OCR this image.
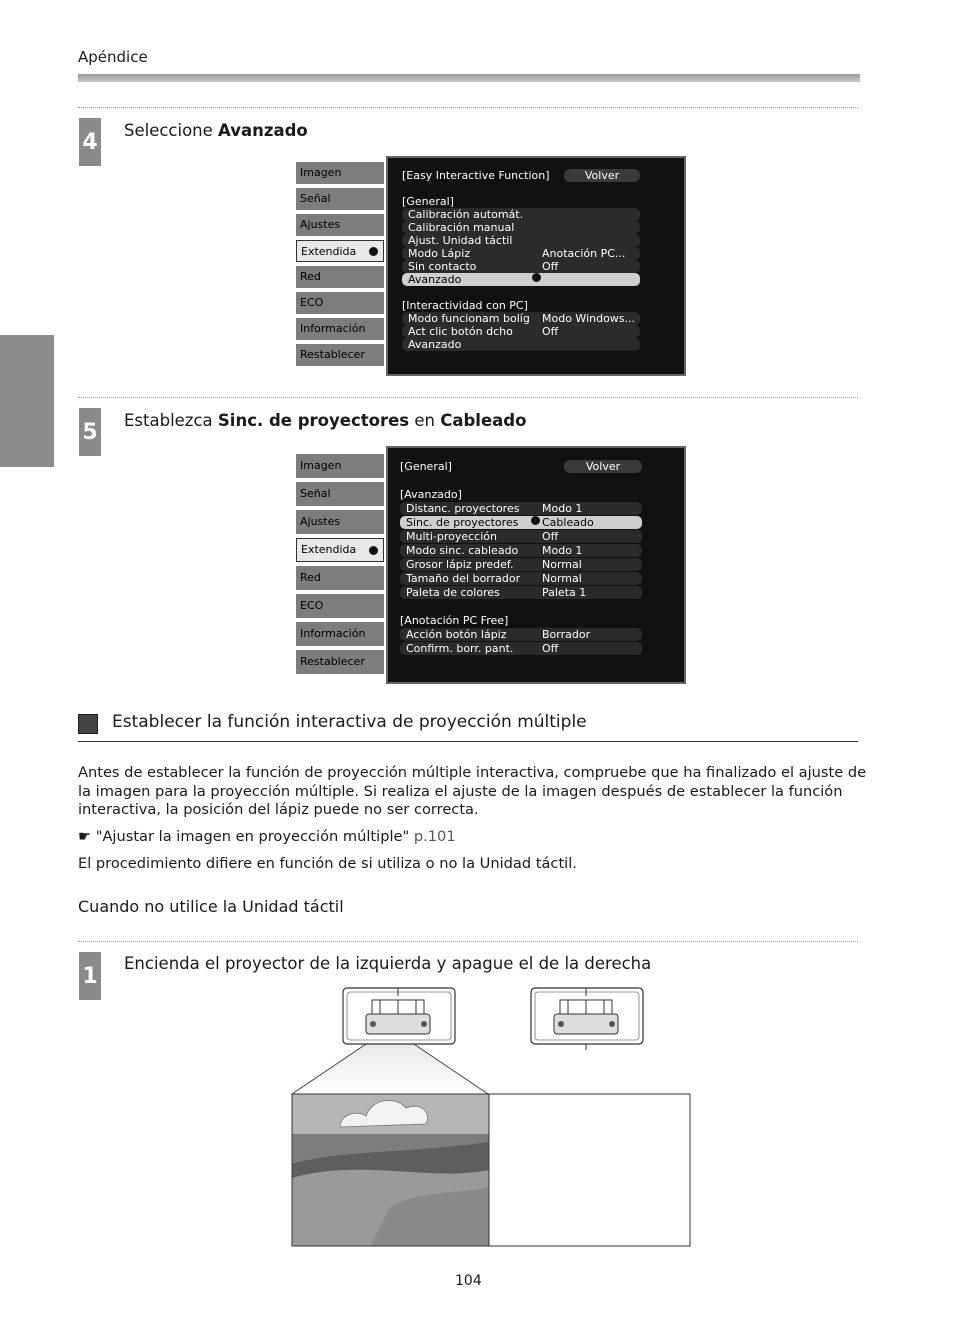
Apéndice
4 Seleccione Avanzado
Imagen
Señal
Ajustes
Extendida
Red
ECO
Información
Restablecer
[Easy Interactive Function]	Volver
[General]
Calibración automát.
Calibración manual
Ajust. Unidad táctil
Modo Lápiz	Anotación PC...
Sin contacto	Off
Avanzado
[Interactividad con PC]
Modo funcionam bolíg Modo Windows...
Act clic botón dcho	Off
Avanzado
5 Establezca Sinc. de proyectores en Cableado
Imagen
Señal
Ajustes
Extendida
Red
ECO
Información
Restablecer
[General]	Volver
[Avanzado]
Distanc. proyectores Modo 1
Sinc. de proyectores Cableado
Multi-proyección	Off
Modo sinc. cableado Modo 1
Grosor lápiz predef.	Normal
Tamaño del borrador Normal
Paleta de colores	Paleta 1
[Anotación PC Free]
Acción botón lápiz	Borrador
Confirm. borr. pant.	Off
Establecer la función interactiva de proyección múltiple
Antes de establecer la función de proyección múltiple interactiva, compruebe que ha finalizado el ajuste de la imagen para la proyección múltiple. Si realiza el ajuste de la imagen después de establecer la función interactiva, la posición del lápiz puede no ser correcta.
☛ "Ajustar la imagen en proyección múltiple" p.101
El procedimiento difiere en función de si utiliza o no la Unidad táctil.
Cuando no utilice la Unidad táctil
1 Encienda el proyector de la izquierda y apague el de la derecha
104
